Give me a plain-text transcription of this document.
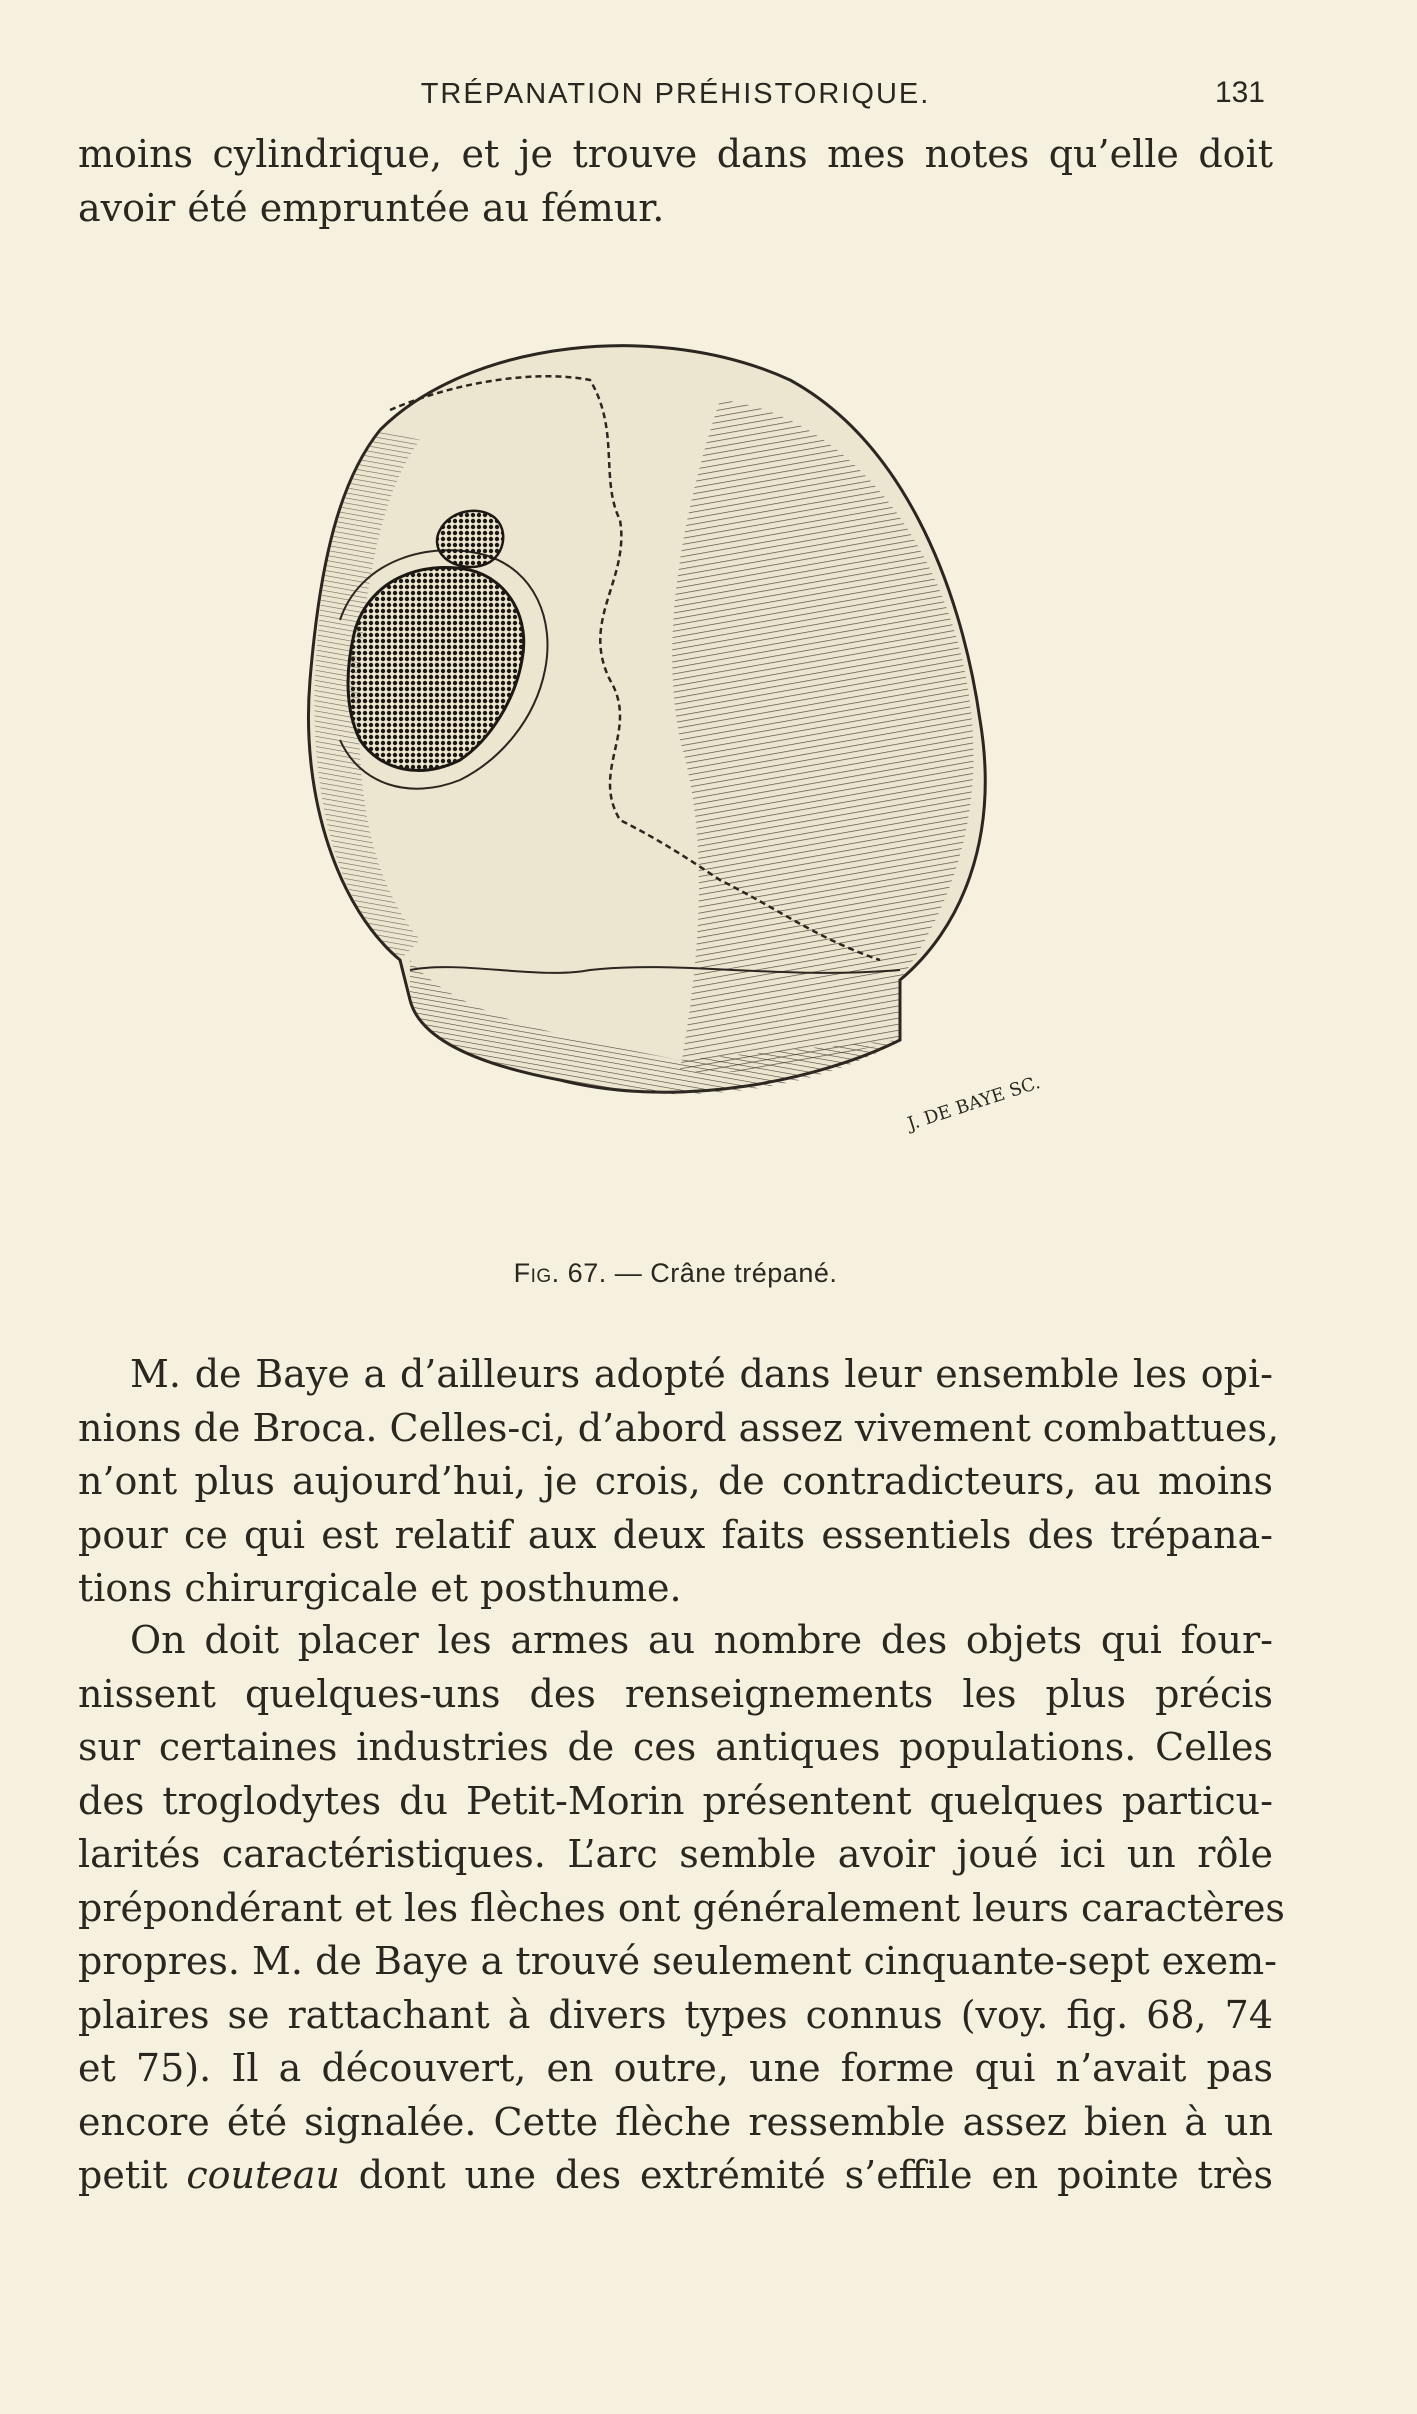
TRÉPANATION PRÉHISTORIQUE.	131
moins cylindrique, et je trouve dans mes notes qu’elle doit
avoir été empruntée au fémur.
J. DE BAYE SC.
Fig. 67. — Crâne trépané.
M. de Baye a d’ailleurs adopté dans leur ensemble les opi-
nions de Broca. Celles-ci, d’abord assez vivement combattues,
n’ont plus aujourd’hui, je crois, de contradicteurs, au moins
pour ce qui est relatif aux deux faits essentiels des trépana-
tions chirurgicale et posthume.
On doit placer les armes au nombre des objets qui four-
nissent quelques-uns des renseignements les plus précis
sur certaines industries de ces antiques populations. Celles
des troglodytes du Petit-Morin présentent quelques particu-
larités caractéristiques. L’arc semble avoir joué ici un rôle
prépondérant et les flèches ont généralement leurs caractères
propres. M. de Baye a trouvé seulement cinquante-sept exem-
plaires se rattachant à divers types connus (voy. fig. 68, 74
et 75). Il a découvert, en outre, une forme qui n’avait pas
encore été signalée. Cette flèche ressemble assez bien à un
petit couteau dont une des extrémité s’effile en pointe très
